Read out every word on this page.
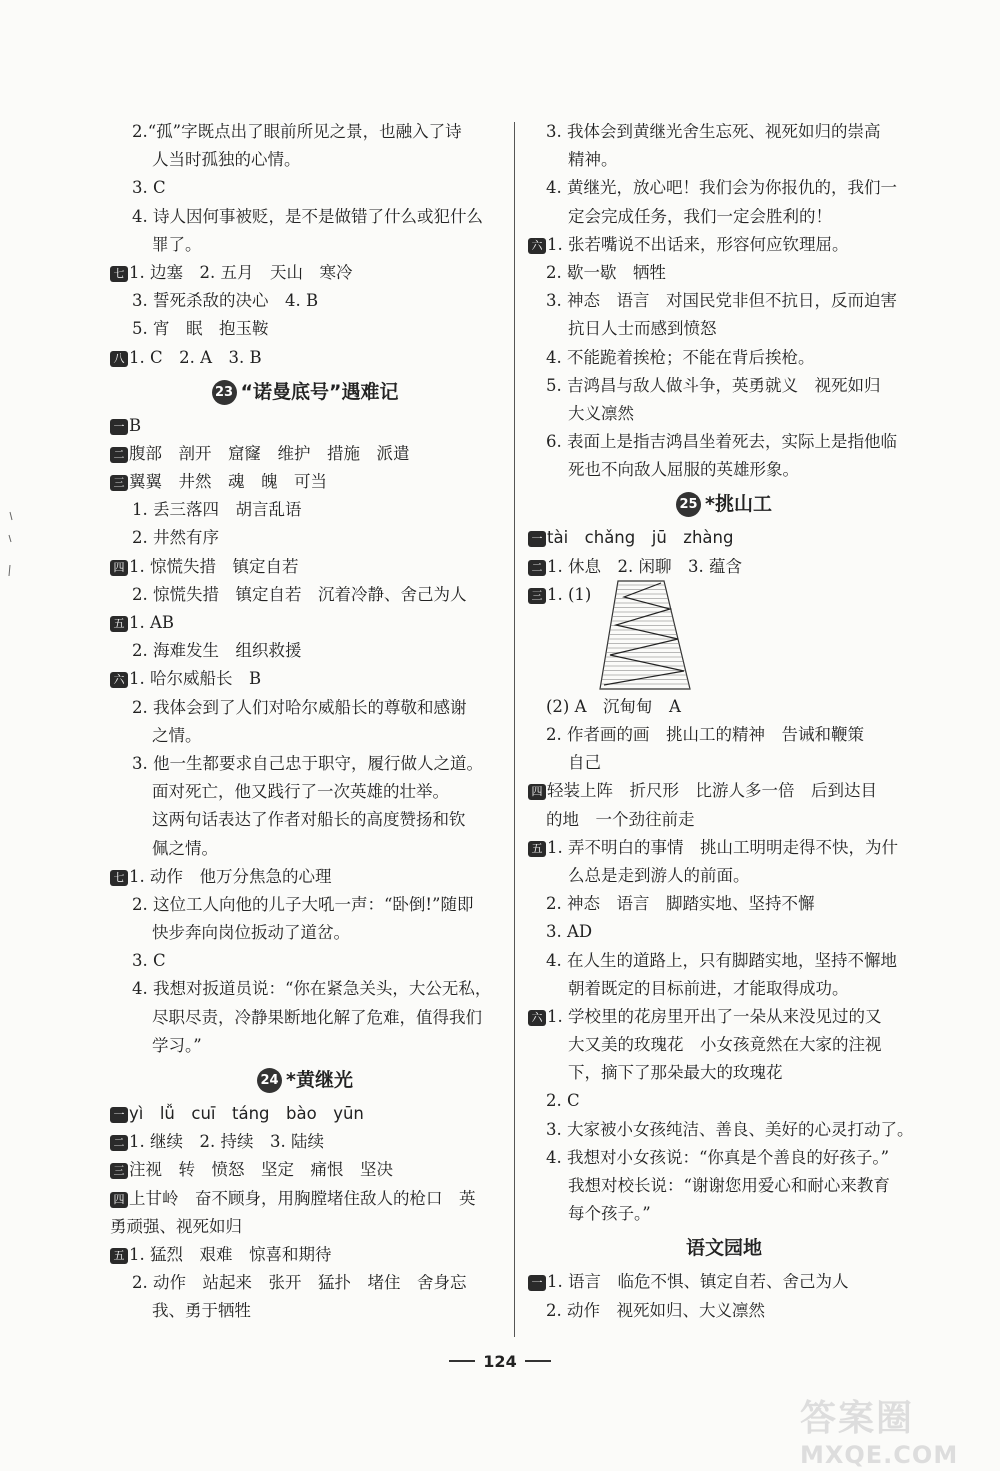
2.“孤”字既点出了眼前所见之景，也融入了诗
人当时孤独的心情。
3. C
4. 诗人因何事被贬，是不是做错了什么或犯什么
罪了。
七 1. 边塞　2. 五月　天山　寒冷
3. 誓死杀敌的决心　4. B
5. 宵　眠　抱玉鞍
八 1. C　2. A　3. B
23 “诺曼底号”遇难记
一 B
二 腹部　剖开　窟窿　维护　措施　派遣
三 翼翼　井然　魂　魄　可当
1. 丢三落四　胡言乱语
2. 井然有序
四 1. 惊慌失措　镇定自若
2. 惊慌失措　镇定自若　沉着冷静、舍己为人
五 1. AB
2. 海难发生　组织救援
六 1. 哈尔威船长　B
2. 我体会到了人们对哈尔威船长的尊敬和感谢
之情。
3. 他一生都要求自己忠于职守，履行做人之道。
面对死亡，他又践行了一次英雄的壮举。
这两句话表达了作者对船长的高度赞扬和钦
佩之情。
七 1. 动作　他万分焦急的心理
2. 这位工人向他的儿子大吼一声：“卧倒!”随即
快步奔向岗位扳动了道岔。
3. C
4. 我想对扳道员说：“你在紧急关头，大公无私，
尽职尽责，冷静果断地化解了危难，值得我们
学习。”
24 *黄继光
一 yì　lǚ　cuī　táng　bào　yūn
二 1. 继续　2. 持续　3. 陆续
三 注视　转　愤怒　坚定　痛恨　坚决
四 上甘岭　奋不顾身，用胸膛堵住敌人的枪口　英
勇顽强、视死如归
五 1. 猛烈　艰难　惊喜和期待
2. 动作　站起来　张开　猛扑　堵住　舍身忘
我、勇于牺牲
3. 我体会到黄继光舍生忘死、视死如归的崇高
精神。
4. 黄继光，放心吧！我们会为你报仇的，我们一
定会完成任务，我们一定会胜利的！
六 1. 张若嘴说不出话来，形容何应钦理屈。
2. 歇一歇　牺牲
3. 神态　语言　对国民党非但不抗日，反而迫害
抗日人士而感到愤怒
4. 不能跪着挨枪；不能在背后挨枪。
5. 吉鸿昌与敌人做斗争，英勇就义　视死如归
大义凛然
6. 表面上是指吉鸿昌坐着死去，实际上是指他临
死也不向敌人屈服的英雄形象。
25 *挑山工
一 tài　chǎng　jū　zhàng
二 1. 休息　2. 闲聊　3. 蕴含
三 1. (1)
(2) A　沉甸甸　A
2. 作者画的画　挑山工的精神　告诫和鞭策
自己
四 轻装上阵　折尺形　比游人多一倍　后到达目
的地　一个劲往前走
五 1. 弄不明白的事情　挑山工明明走得不快，为什
么总是走到游人的前面。
2. 神态　语言　脚踏实地、坚持不懈
3. AD
4. 在人生的道路上，只有脚踏实地，坚持不懈地
朝着既定的目标前进，才能取得成功。
六 1. 学校里的花房里开出了一朵从来没见过的又
大又美的玫瑰花　小女孩竟然在大家的注视
下，摘下了那朵最大的玫瑰花
2. C
3. 大家被小女孩纯洁、善良、美好的心灵打动了。
4. 我想对小女孩说：“你真是个善良的好孩子。”
我想对校长说：“谢谢您用爱心和耐心来教育
每个孩子。”
语文园地
一 1. 语言　临危不惧、镇定自若、舍己为人
2. 动作　视死如归、大义凛然
124
答案圈
MXQE.COM
